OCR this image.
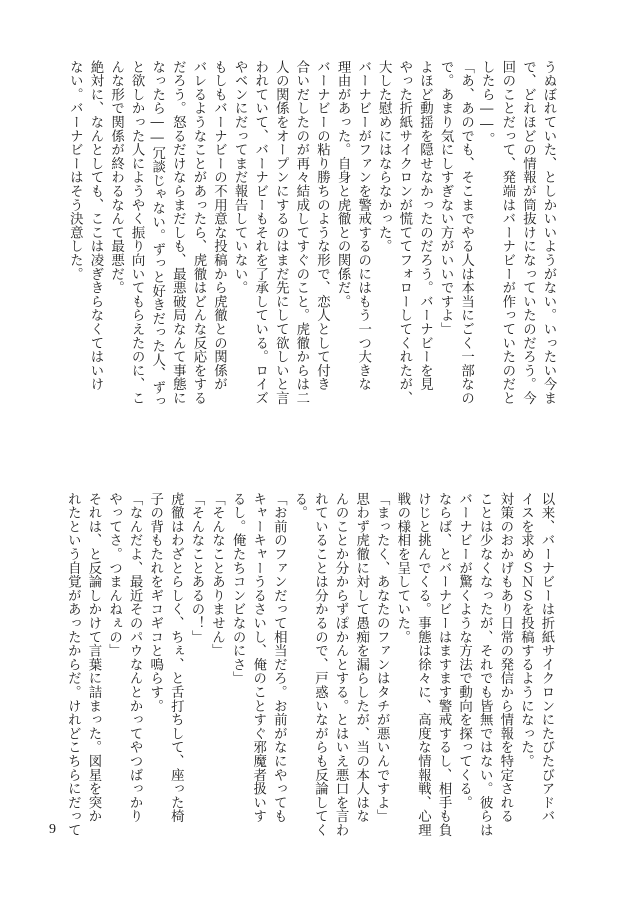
うぬぼれていた、としかいいようがない。いったい今ま

で、どれほどの情報が筒抜けになっていたのだろう。今

回のことだって、発端はバーナビーが作っていたのだと

したら――。

「あ、あのでも、そこまでやる人は本当にごく一部なの

で。あまり気にしすぎない方がいいですよ」

よほど動揺を隠せなかったのだろう。バーナビーを見

やった折紙サイクロンが慌ててフォローしてくれたが、

大した慰めにはならなかった。

バーナビーがファンを警戒するのにはもう一つ大きな

理由があった。自身と虎徹との関係だ。

バーナビーの粘り勝ちのような形で、恋人として付き

合いだしたのが再々結成してすぐのこと。虎徹からは二

人の関係をオープンにするのはまだ先にして欲しいと言

われていて、バーナビーもそれを了承している。ロイズ

やベンにだってまだ報告していない。

もしもバーナビーの不用意な投稿から虎徹との関係が

バレるようなことがあったら、虎徹はどんな反応をする

だろう。怒るだけならまだしも、最悪破局なんて事態に

なったら――冗談じゃない。ずっと好きだった人、ずっ

と欲しかった人にようやく振り向いてもらえたのに、こ

んな形で関係が終わるなんて最悪だ。

絶対に、なんとしても、ここは凌ぎきらなくてはいけ

ない。バーナビーはそう決意した。

以来、バーナビーは折紙サイクロンにたびたびアドバ

イスを求めＳＮＳを投稿するようになった。

対策のおかげもあり日常の発信から情報を特定される

ことは少なくなったが、それでも皆無ではない。彼らは

バーナビーが驚くような方法で動向を探ってくる。

ならば、とバーナビーはますます警戒するし、相手も負

けじと挑んでくる。事態は徐々に、高度な情報戦、心理

戦の様相を呈していた。

「まったく、あなたのファンはタチが悪いんですよ」

思わず虎徹に対して愚痴を漏らしたが、当の本人はな

んのことか分からずぽかんとする。とはいえ悪口を言わ

れていることは分かるので、戸惑いながらも反論してく

る。

「お前のファンだって相当だろ。お前がなにやっても

キャーキャーうるさいし、俺のことすぐ邪魔者扱いす

るし。俺たちコンビなのにさ」

「そんなことありません」

「そんなことあるの！」

虎徹はわざとらしく、ちぇ、と舌打ちして、座った椅

子の背もたれをギコギコと鳴らす。

「なんだよ、最近そのパウなんとかってやつばっかり

やってさ。つまんねぇの」

それは、と反論しかけて言葉に詰まった。図星を突か

れたという自覚があったからだ。けれどこちらにだって

9
